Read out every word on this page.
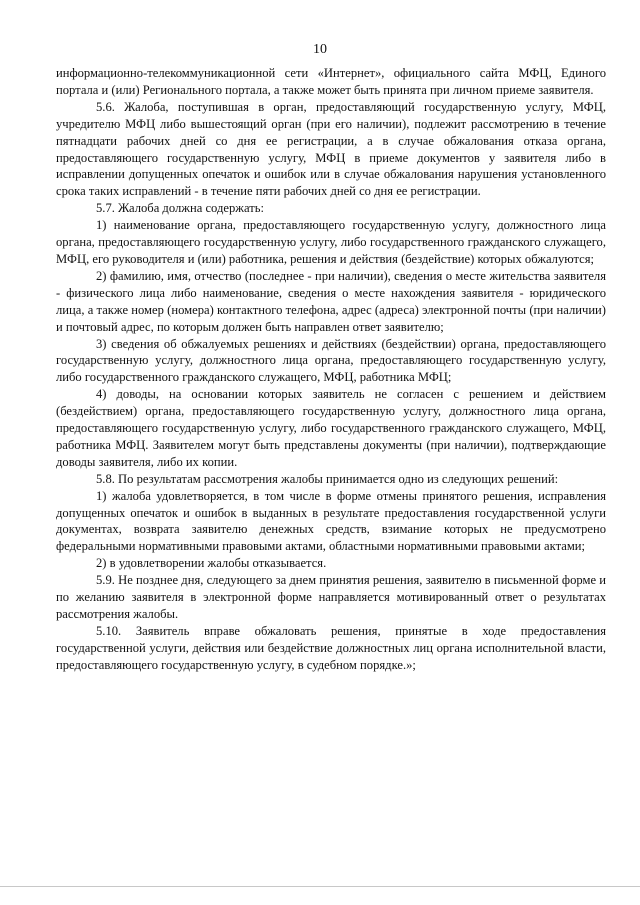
10

информационно-телекоммуникационной сети «Интернет», официального сайта МФЦ, Единого портала и (или) Регионального портала, а также может быть принята при личном приеме заявителя.

5.6. Жалоба, поступившая в орган, предоставляющий государственную услугу, МФЦ, учредителю МФЦ либо вышестоящий орган (при его наличии), подлежит рассмотрению в течение пятнадцати рабочих дней со дня ее регистрации, а в случае обжалования отказа органа, предоставляющего государственную услугу, МФЦ в приеме документов у заявителя либо в исправлении допущенных опечаток и ошибок или в случае обжалования нарушения установленного срока таких исправлений - в течение пяти рабочих дней со дня ее регистрации.

5.7. Жалоба должна содержать:

1) наименование органа, предоставляющего государственную услугу, должностного лица органа, предоставляющего государственную услугу, либо государственного гражданского служащего, МФЦ, его руководителя и (или) работника, решения и действия (бездействие) которых обжалуются;

2) фамилию, имя, отчество (последнее - при наличии), сведения о месте жительства заявителя - физического лица либо наименование, сведения о месте нахождения заявителя - юридического лица, а также номер (номера) контактного телефона, адрес (адреса) электронной почты (при наличии) и почтовый адрес, по которым должен быть направлен ответ заявителю;

3) сведения об обжалуемых решениях и действиях (бездействии) органа, предоставляющего государственную услугу, должностного лица органа, предоставляющего государственную услугу, либо государственного гражданского служащего, МФЦ, работника МФЦ;

4) доводы, на основании которых заявитель не согласен с решением и действием (бездействием) органа, предоставляющего государственную услугу, должностного лица органа, предоставляющего государственную услугу, либо государственного гражданского служащего, МФЦ, работника МФЦ. Заявителем могут быть представлены документы (при наличии), подтверждающие доводы заявителя, либо их копии.

5.8. По результатам рассмотрения жалобы принимается одно из следующих решений:

1) жалоба удовлетворяется, в том числе в форме отмены принятого решения, исправления допущенных опечаток и ошибок в выданных в результате предоставления государственной услуги документах, возврата заявителю денежных средств, взимание которых не предусмотрено федеральными нормативными правовыми актами, областными нормативными правовыми актами;

2) в удовлетворении жалобы отказывается.

5.9. Не позднее дня, следующего за днем принятия решения, заявителю в письменной форме и по желанию заявителя в электронной форме направляется мотивированный ответ о результатах рассмотрения жалобы.

5.10. Заявитель вправе обжаловать решения, принятые в ходе предоставления государственной услуги, действия или бездействие должностных лиц органа исполнительной власти, предоставляющего государственную услугу, в судебном порядке.»;
